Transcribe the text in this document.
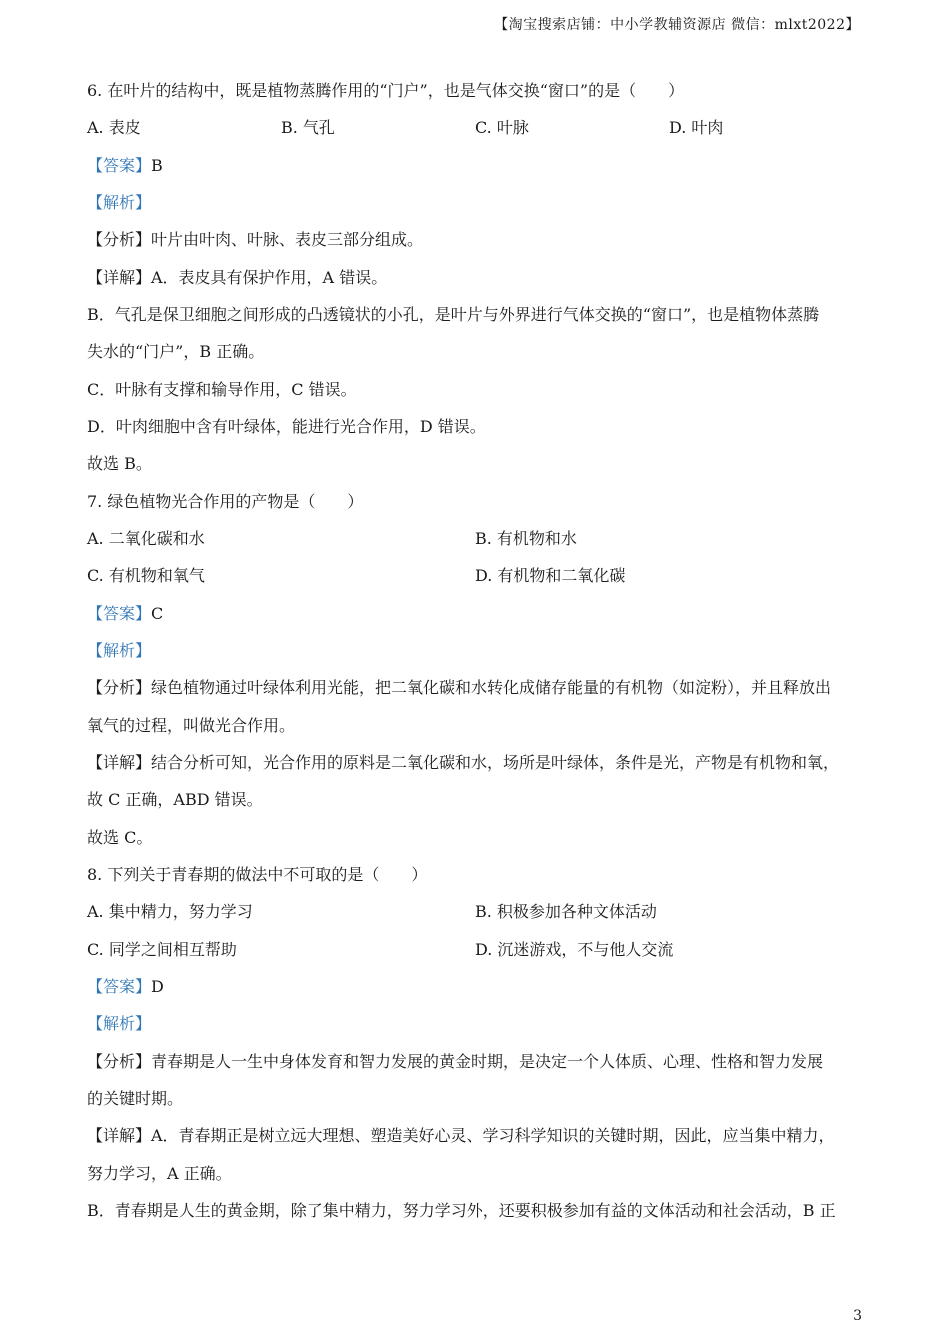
【淘宝搜索店铺：中小学教辅资源店 微信：mlxt2022】
6. 在叶片的结构中，既是植物蒸腾作用的“门户”，也是气体交换“窗口”的是（　　）
A. 表皮	B. 气孔	C. 叶脉	D. 叶肉
【答案】B
【解析】
【分析】叶片由叶肉、叶脉、表皮三部分组成。
【详解】A．表皮具有保护作用，A 错误。
B．气孔是保卫细胞之间形成的凸透镜状的小孔，是叶片与外界进行气体交换的“窗口”，也是植物体蒸腾
失水的“门户”，B 正确。
C．叶脉有支撑和输导作用，C 错误。
D．叶肉细胞中含有叶绿体，能进行光合作用，D 错误。
故选 B。
7. 绿色植物光合作用的产物是（　　）
A. 二氧化碳和水	B. 有机物和水
C. 有机物和氧气	D. 有机物和二氧化碳
【答案】C
【解析】
【分析】绿色植物通过叶绿体利用光能，把二氧化碳和水转化成储存能量的有机物（如淀粉），并且释放出
氧气的过程，叫做光合作用。
【详解】结合分析可知，光合作用的原料是二氧化碳和水，场所是叶绿体，条件是光，产物是有机物和氧，
故 C 正确，ABD 错误。
故选 C。
8. 下列关于青春期的做法中不可取的是（　　）
A. 集中精力，努力学习	B. 积极参加各种文体活动
C. 同学之间相互帮助	D. 沉迷游戏，不与他人交流
【答案】D
【解析】
【分析】青春期是人一生中身体发育和智力发展的黄金时期，是决定一个人体质、心理、性格和智力发展
的关键时期。
【详解】A．青春期正是树立远大理想、塑造美好心灵、学习科学知识的关键时期，因此，应当集中精力，
努力学习，A 正确。
B．青春期是人生的黄金期，除了集中精力，努力学习外，还要积极参加有益的文体活动和社会活动，B 正
3
